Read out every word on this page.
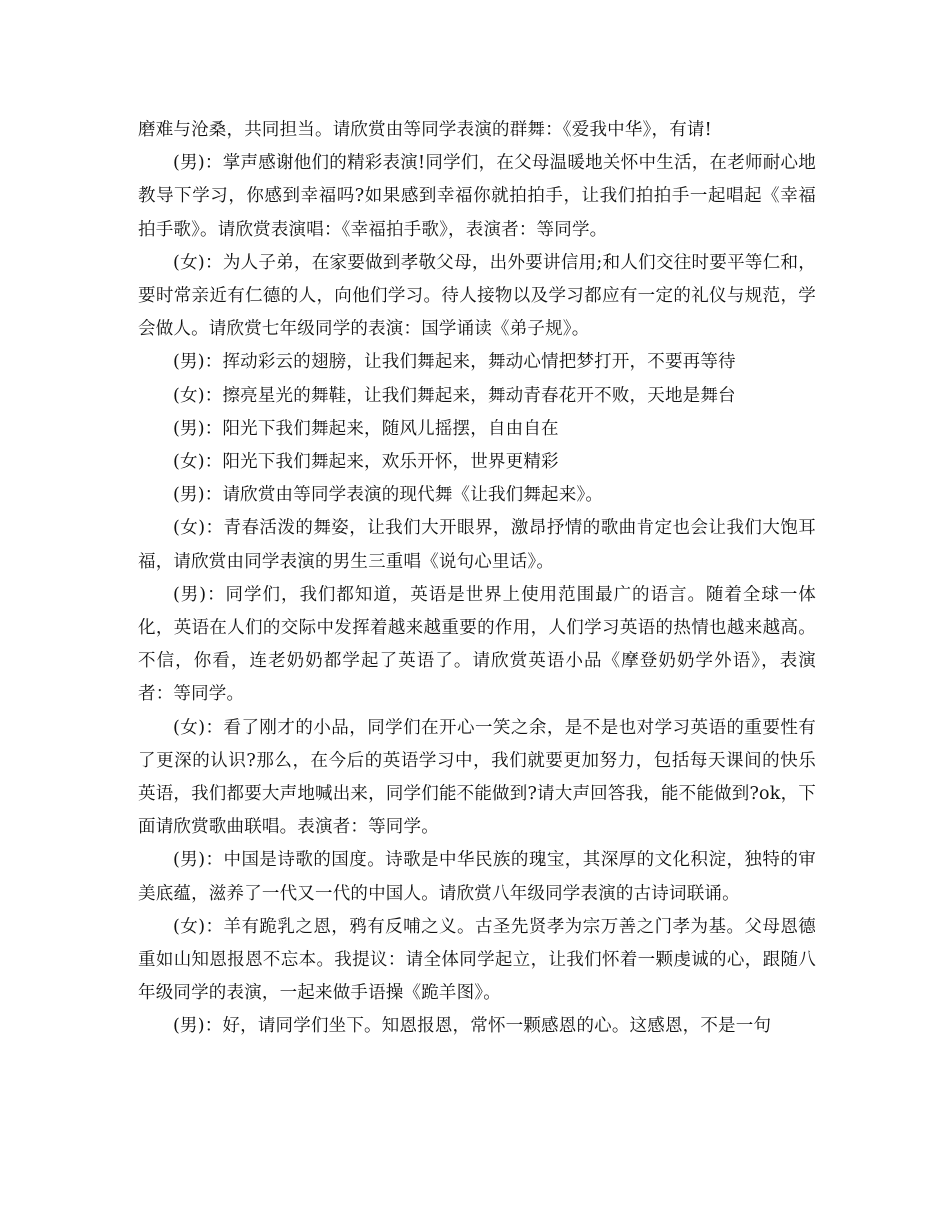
磨难与沧桑，共同担当。请欣赏由等同学表演的群舞：《爱我中华》，有请!

(男)：掌声感谢他们的精彩表演!同学们，在父母温暖地关怀中生活，在老师耐心地教导下学习，你感到幸福吗?如果感到幸福你就拍拍手，让我们拍拍手一起唱起《幸福拍手歌》。请欣赏表演唱：《幸福拍手歌》，表演者：等同学。

(女)：为人子弟，在家要做到孝敬父母，出外要讲信用;和人们交往时要平等仁和，要时常亲近有仁德的人，向他们学习。待人接物以及学习都应有一定的礼仪与规范，学会做人。请欣赏七年级同学的表演：国学诵读《弟子规》。

(男)：挥动彩云的翅膀，让我们舞起来，舞动心情把梦打开，不要再等待

(女)：擦亮星光的舞鞋，让我们舞起来，舞动青春花开不败，天地是舞台

(男)：阳光下我们舞起来，随风儿摇摆，自由自在

(女)：阳光下我们舞起来，欢乐开怀，世界更精彩

(男)：请欣赏由等同学表演的现代舞《让我们舞起来》。

(女)：青春活泼的舞姿，让我们大开眼界，激昂抒情的歌曲肯定也会让我们大饱耳福，请欣赏由同学表演的男生三重唱《说句心里话》。

(男)：同学们，我们都知道，英语是世界上使用范围最广的语言。随着全球一体化，英语在人们的交际中发挥着越来越重要的作用，人们学习英语的热情也越来越高。不信，你看，连老奶奶都学起了英语了。请欣赏英语小品《摩登奶奶学外语》，表演者：等同学。

(女)：看了刚才的小品，同学们在开心一笑之余，是不是也对学习英语的重要性有了更深的认识?那么，在今后的英语学习中，我们就要更加努力，包括每天课间的快乐英语，我们都要大声地喊出来，同学们能不能做到?请大声回答我，能不能做到?ok，下面请欣赏歌曲联唱。表演者：等同学。

(男)：中国是诗歌的国度。诗歌是中华民族的瑰宝，其深厚的文化积淀，独特的审美底蕴，滋养了一代又一代的中国人。请欣赏八年级同学表演的古诗词联诵。

(女)：羊有跪乳之恩，鸦有反哺之义。古圣先贤孝为宗万善之门孝为基。父母恩德重如山知恩报恩不忘本。我提议：请全体同学起立，让我们怀着一颗虔诚的心，跟随八年级同学的表演，一起来做手语操《跪羊图》。

(男)：好，请同学们坐下。知恩报恩，常怀一颗感恩的心。这感恩，不是一句
